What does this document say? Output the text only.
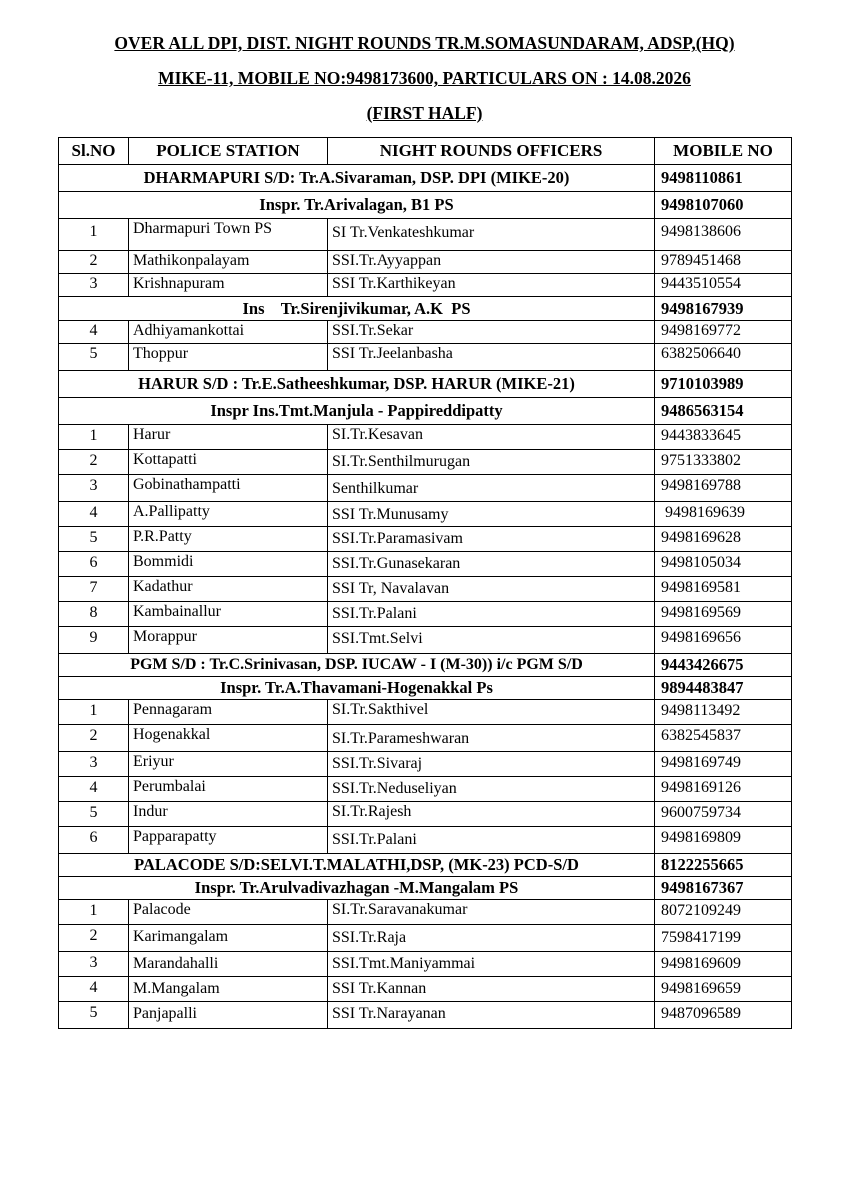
OVER ALL DPI, DIST. NIGHT ROUNDS TR.M.SOMASUNDARAM, ADSP,(HQ)
MIKE-11, MOBILE NO:9498173600, PARTICULARS ON : 14.08.2026
(FIRST HALF)
Sl.NO	POLICE STATION	NIGHT ROUNDS OFFICERS	MOBILE NO
DHARMAPURI S/D: Tr.A.Sivaraman, DSP. DPI (MIKE-20)			9498110861
Inspr. Tr.Arivalagan, B1 PS			9498107060
1	Dharmapuri Town PS	SI Tr.Venkateshkumar	9498138606
2	Mathikonpalayam	SSI.Tr.Ayyappan	9789451468
3	Krishnapuram	SSI Tr.Karthikeyan	9443510554
Ins    Tr.Sirenjivikumar, A.K  PS			9498167939
4	Adhiyamankottai	SSI.Tr.Sekar	9498169772
5	Thoppur	SSI Tr.Jeelanbasha	6382506640
HARUR S/D : Tr.E.Satheeshkumar, DSP. HARUR (MIKE-21)			9710103989
Inspr Ins.Tmt.Manjula - Pappireddipatty			9486563154
1	Harur	SI.Tr.Kesavan	9443833645
2	Kottapatti	SI.Tr.Senthilmurugan	9751333802
3	Gobinathampatti	Senthilkumar	9498169788
4	A.Pallipatty	SSI Tr.Munusamy	9498169639
5	P.R.Patty	SSI.Tr.Paramasivam	9498169628
6	Bommidi	SSI.Tr.Gunasekaran	9498105034
7	Kadathur	SSI Tr, Navalavan	9498169581
8	Kambainallur	SSI.Tr.Palani	9498169569
9	Morappur	SSI.Tmt.Selvi	9498169656
PGM S/D : Tr.C.Srinivasan, DSP. IUCAW - I (M-30)) i/c PGM S/D			9443426675
Inspr. Tr.A.Thavamani-Hogenakkal Ps			9894483847
1	Pennagaram	SI.Tr.Sakthivel	9498113492
2	Hogenakkal	SI.Tr.Parameshwaran	6382545837
3	Eriyur	SSI.Tr.Sivaraj	9498169749
4	Perumbalai	SSI.Tr.Neduseliyan	9498169126
5	Indur	SI.Tr.Rajesh	9600759734
6	Papparapatty	SSI.Tr.Palani	9498169809
PALACODE S/D:SELVI.T.MALATHI,DSP, (MK-23) PCD-S/D			8122255665
Inspr. Tr.Arulvadivazhagan -M.Mangalam PS			9498167367
1	Palacode	SI.Tr.Saravanakumar	8072109249
2	Karimangalam	SSI.Tr.Raja	7598417199
3	Marandahalli	SSI.Tmt.Maniyammai	9498169609
4	M.Mangalam	SSI Tr.Kannan	9498169659
5	Panjapalli	SSI Tr.Narayanan	9487096589
